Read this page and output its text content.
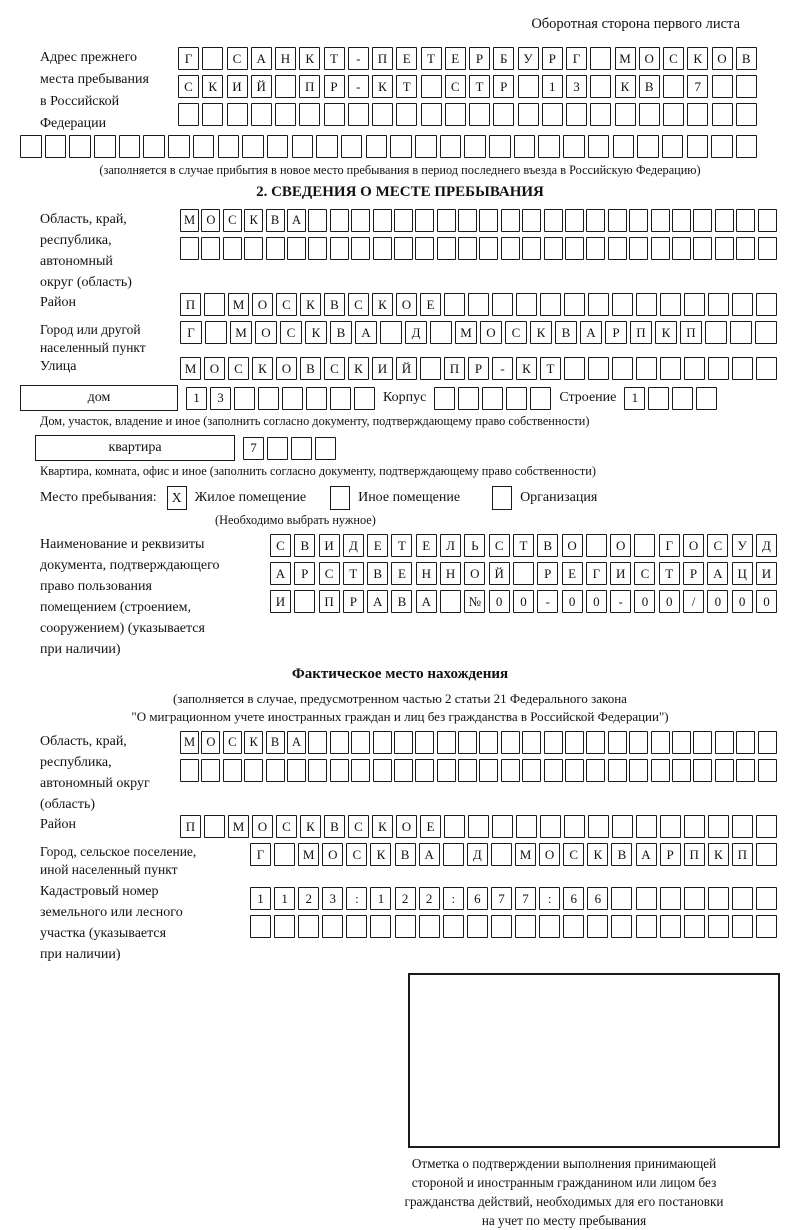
Оборотная сторона первого листа
Адрес прежнего
места пребывания
в Российской
Федерации
Г	С	А	Н	К	Т	-	П	Е	Т	Е	Р	Б	У	Р	Г	М	О	С	К	О	В
С	К	И	Й	П	Р	-	К	Т	С	Т	Р	1	3	К	В	7
(заполняется в случае прибытия в новое место пребывания в период последнего въезда в Российскую Федерацию)
2. СВЕДЕНИЯ О МЕСТЕ ПРЕБЫВАНИЯ
Область, край,
республика,
автономный
округ (область)
М О	С	К	В	А
Район	П	М	О	С	К	В	С	К	О	Е
Город или другой
населенный пункт
Г	М	О	С	К	В	А	Д	М	О	С	К	В	А	Р	П	К	П
Улица	М	О	С	К	О	В	С	К	И	Й	П	Р	-	К	Т
дом	1	3	Корпус	Строение	1
Дом, участок, владение и иное (заполнить согласно документу, подтверждающему право собственности)
квартира	7
Квартира, комната, офис и иное (заполнить согласно документу, подтверждающему право собственности)
Место пребывания:	X Жилое помещение	Иное помещение	Организация
(Необходимо выбрать нужное)
Наименование и реквизиты
документа, подтверждающего
право пользования
помещением (строением,
сооружением) (указывается
при наличии)
С	В	И	Д	Е	Т	Е	Л	Ь	С	Т	В	О	О	Г	О	С	У	Д
А	Р	С	Т	В	Е	Н	Н	О	Й	Р	Е	Г	И	С	Т	Р	А	Ц	И
И	П	Р	А	В	А	№	0	0	-	0	0	-	0	0	/	0	0	0
Фактическое место нахождения
(заполняется в случае, предусмотренном частью 2 статьи 21 Федерального закона
"О миграционном учете иностранных граждан и лиц без гражданства в Российской Федерации")
Область, край,
республика,
автономный округ
(область)
М О	С	К	В	А
Район	П	М	О	С	К	В	С	К	О	Е
Город, сельское поселение,
иной населенный пункт
Г	М	О	С	К	В	А	Д	М	О	С	К	В	А	Р	П	К	П
Кадастровый номер
земельного или лесного
участка (указывается
при наличии)
1	1	2	3	:	1	2	2	:	6	7	7	:	6	6
Отметка о подтверждении выполнения принимающей
стороной и иностранным гражданином или лицом без
гражданства действий, необходимых для его постановки
на учет по месту пребывания
